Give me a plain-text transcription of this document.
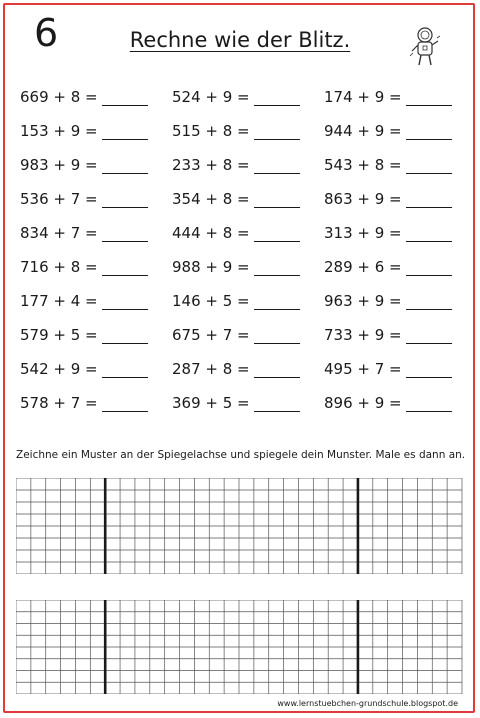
6	Rechne wie der Blitz.
669 + 8 =	524 + 9 =	174 + 9 =
153 + 9 =	515 + 8 =	944 + 9 =
983 + 9 =	233 + 8 =	543 + 8 =
536 + 7 =	354 + 8 =	863 + 9 =
834 + 7 =	444 + 8 =	313 + 9 =
716 + 8 =	988 + 9 =	289 + 6 =
177 + 4 =	146 + 5 =	963 + 9 =
579 + 5 =	675 + 7 =	733 + 9 =
542 + 9 =	287 + 8 =	495 + 7 =
578 + 7 =	369 + 5 =	896 + 9 =
Zeichne ein Muster an der Spiegelachse und spiegele dein Munster. Male es dann an.
www.lernstuebchen-grundschule.blogspot.de
